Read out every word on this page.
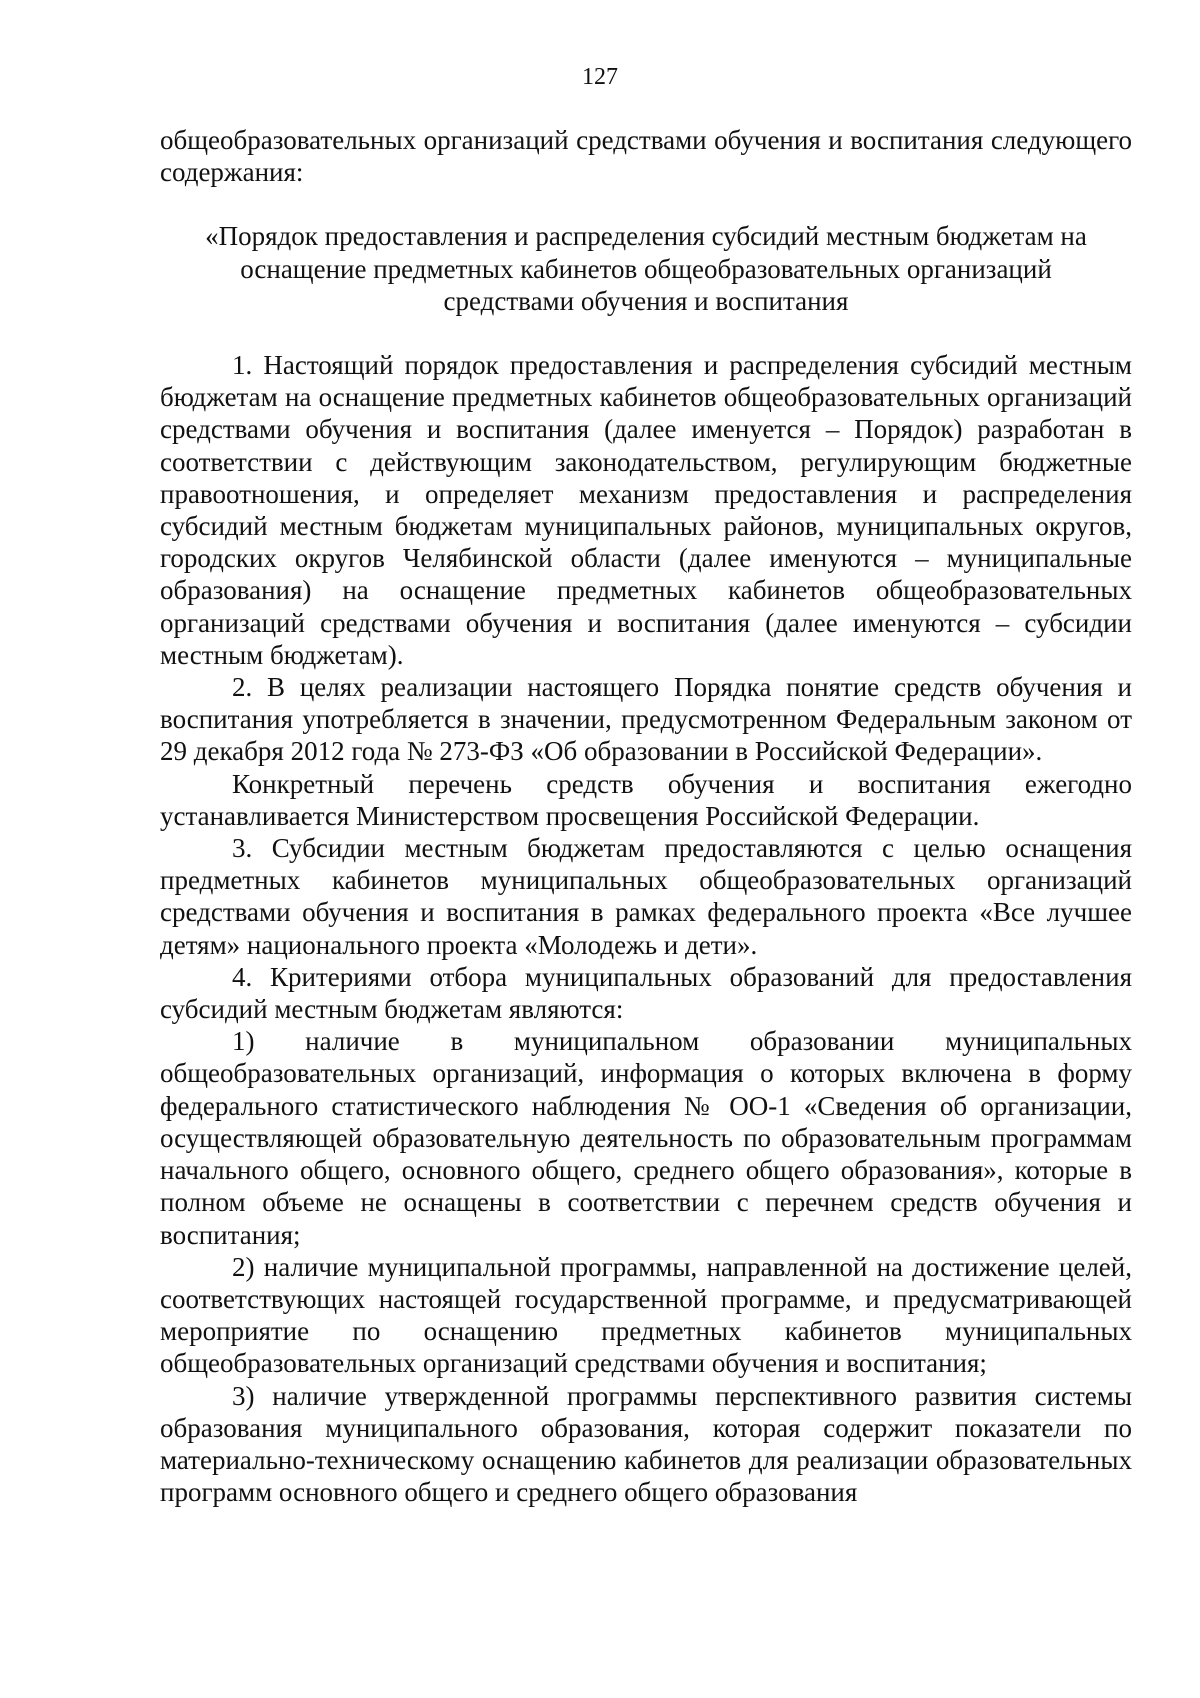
127

общеобразовательных организаций средствами обучения и воспитания следующего содержания:

«Порядок предоставления и распределения субсидий местным бюджетам на оснащение предметных кабинетов общеобразовательных организаций средствами обучения и воспитания

1. Настоящий порядок предоставления и распределения субсидий местным бюджетам на оснащение предметных кабинетов общеобразовательных организаций средствами обучения и воспитания (далее именуется – Порядок) разработан в соответствии с действующим законодательством, регулирующим бюджетные правоотношения, и определяет механизм предоставления и распределения субсидий местным бюджетам муниципальных районов, муниципальных округов, городских округов Челябинской области (далее именуются – муниципальные образования) на оснащение предметных кабинетов общеобразовательных организаций средствами обучения и воспитания (далее именуются – субсидии местным бюджетам).

2. В целях реализации настоящего Порядка понятие средств обучения и воспитания употребляется в значении, предусмотренном Федеральным законом от 29 декабря 2012 года № 273-ФЗ «Об образовании в Российской Федерации».

Конкретный перечень средств обучения и воспитания ежегодно устанавливается Министерством просвещения Российской Федерации.

3. Субсидии местным бюджетам предоставляются с целью оснащения предметных кабинетов муниципальных общеобразовательных организаций средствами обучения и воспитания в рамках федерального проекта «Все лучшее детям» национального проекта «Молодежь и дети».

4. Критериями отбора муниципальных образований для предоставления субсидий местным бюджетам являются:

1) наличие в муниципальном образовании муниципальных общеобразовательных организаций, информация о которых включена в форму федерального статистического наблюдения № ОО-1 «Сведения об организации, осуществляющей образовательную деятельность по образовательным программам начального общего, основного общего, среднего общего образования», которые в полном объеме не оснащены в соответствии с перечнем средств обучения и воспитания;

2) наличие муниципальной программы, направленной на достижение целей, соответствующих настоящей государственной программе, и предусматривающей мероприятие по оснащению предметных кабинетов муниципальных общеобразовательных организаций средствами обучения и воспитания;

3) наличие утвержденной программы перспективного развития системы образования муниципального образования, которая содержит показатели по материально-техническому оснащению кабинетов для реализации образовательных программ основного общего и среднего общего образования
